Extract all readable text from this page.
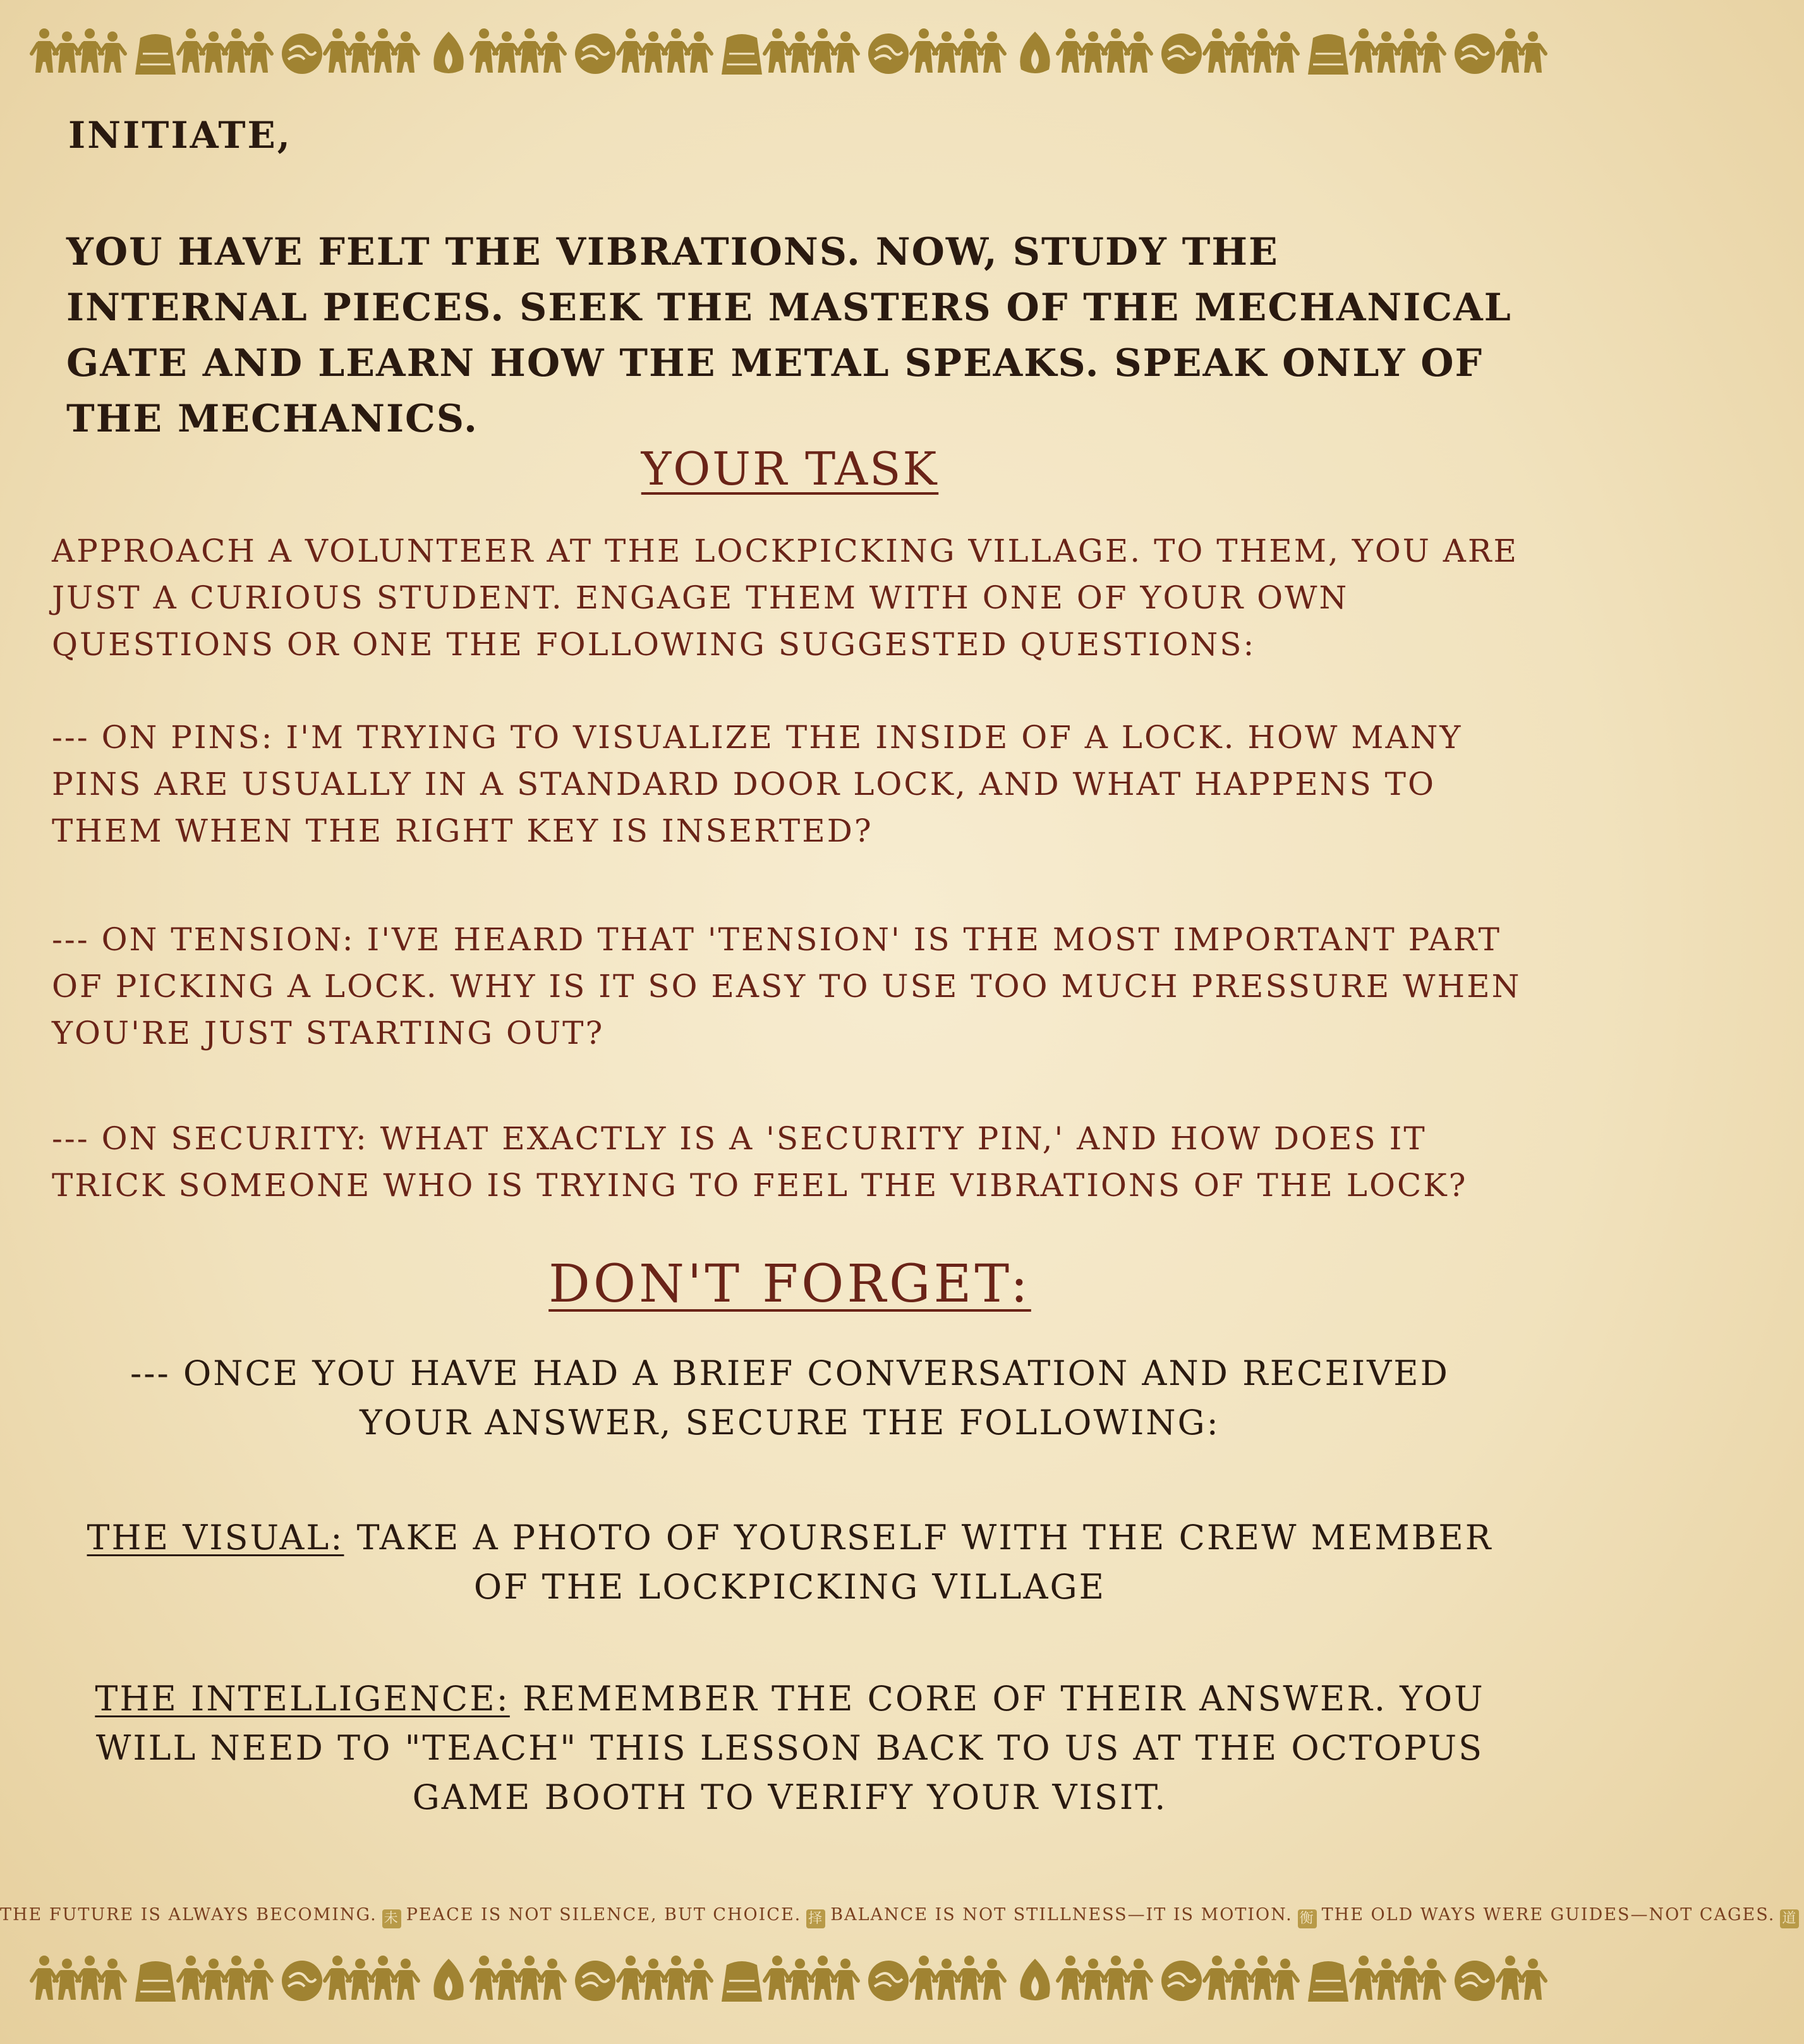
INITIATE,
YOU HAVE FELT THE VIBRATIONS. NOW, STUDY THE INTERNAL PIECES. SEEK THE MASTERS OF THE MECHANICAL GATE AND LEARN HOW THE METAL SPEAKS. SPEAK ONLY OF THE MECHANICS.
YOUR TASK
APPROACH A VOLUNTEER AT THE LOCKPICKING VILLAGE. TO THEM, YOU ARE JUST A CURIOUS STUDENT. ENGAGE THEM WITH ONE OF YOUR OWN QUESTIONS OR ONE THE FOLLOWING SUGGESTED QUESTIONS:
--- ON PINS: I'M TRYING TO VISUALIZE THE INSIDE OF A LOCK. HOW MANY PINS ARE USUALLY IN A STANDARD DOOR LOCK, AND WHAT HAPPENS TO THEM WHEN THE RIGHT KEY IS INSERTED?
--- ON TENSION: I'VE HEARD THAT 'TENSION' IS THE MOST IMPORTANT PART OF PICKING A LOCK. WHY IS IT SO EASY TO USE TOO MUCH PRESSURE WHEN YOU'RE JUST STARTING OUT?
--- ON SECURITY: WHAT EXACTLY IS A 'SECURITY PIN,' AND HOW DOES IT TRICK SOMEONE WHO IS TRYING TO FEEL THE VIBRATIONS OF THE LOCK?
DON'T FORGET:
--- ONCE YOU HAVE HAD A BRIEF CONVERSATION AND RECEIVED YOUR ANSWER, SECURE THE FOLLOWING:
THE VISUAL: TAKE A PHOTO OF YOURSELF WITH THE CREW MEMBER OF THE LOCKPICKING VILLAGE
THE INTELLIGENCE: REMEMBER THE CORE OF THEIR ANSWER. YOU WILL NEED TO "TEACH" THIS LESSON BACK TO US AT THE OCTOPUS GAME BOOTH TO VERIFY YOUR VISIT.
THE FUTURE IS ALWAYS BECOMING. 未 PEACE IS NOT SILENCE, BUT CHOICE. 择 BALANCE IS NOT STILLNESS—IT IS MOTION. 衡 THE OLD WAYS WERE GUIDES—NOT CAGES. 道
